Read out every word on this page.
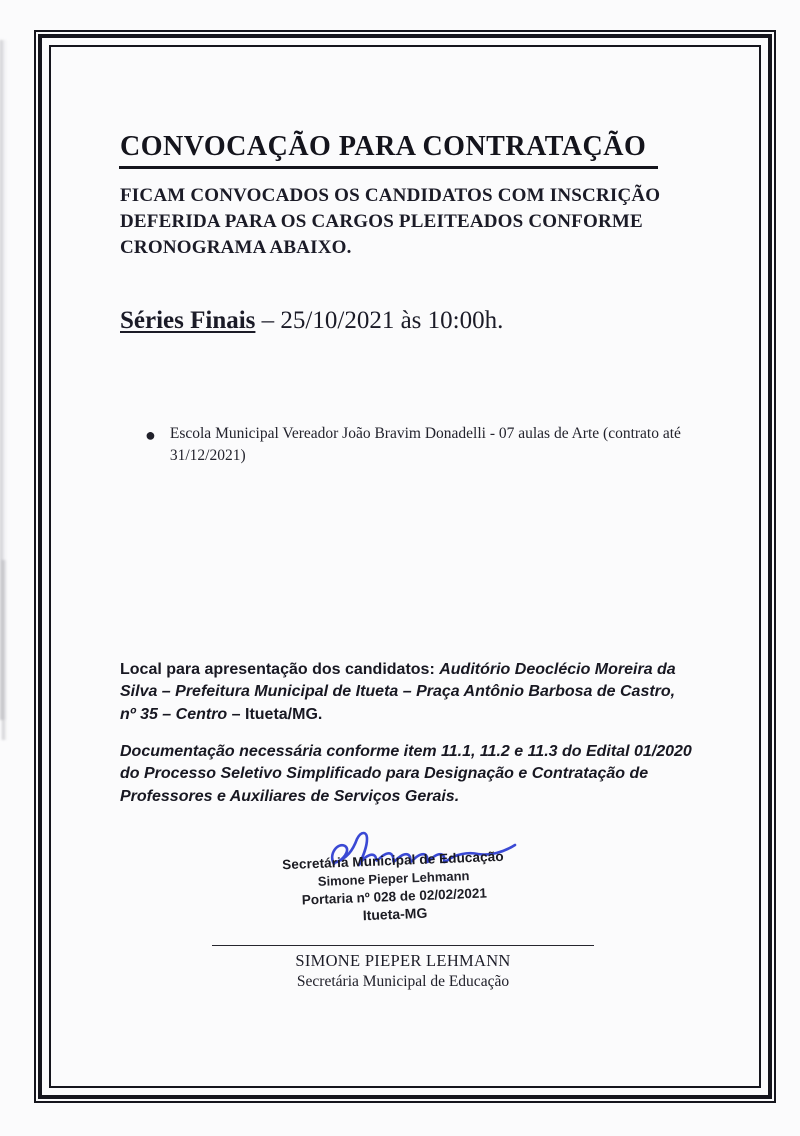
CONVOCAÇÃO PARA CONTRATAÇÃO
FICAM CONVOCADOS OS CANDIDATOS COM INSCRIÇÃO DEFERIDA PARA OS CARGOS PLEITEADOS CONFORME CRONOGRAMA ABAIXO.
Séries Finais – 25/10/2021 às 10:00h.
● Escola Municipal Vereador João Bravim Donadelli - 07 aulas de Arte (contrato até 31/12/2021)
Local para apresentação dos candidatos: Auditório Deoclécio Moreira da Silva – Prefeitura Municipal de Itueta – Praça Antônio Barbosa de Castro, nº 35 – Centro – Itueta/MG.
Documentação necessária conforme item 11.1, 11.2 e 11.3 do Edital 01/2020 do Processo Seletivo Simplificado para Designação e Contratação de Professores e Auxiliares de Serviços Gerais.
Secretária Municipal de Educação
Simone Pieper Lehmann
Portaria nº 028 de 02/02/2021
Itueta-MG
SIMONE PIEPER LEHMANN
Secretária Municipal de Educação
